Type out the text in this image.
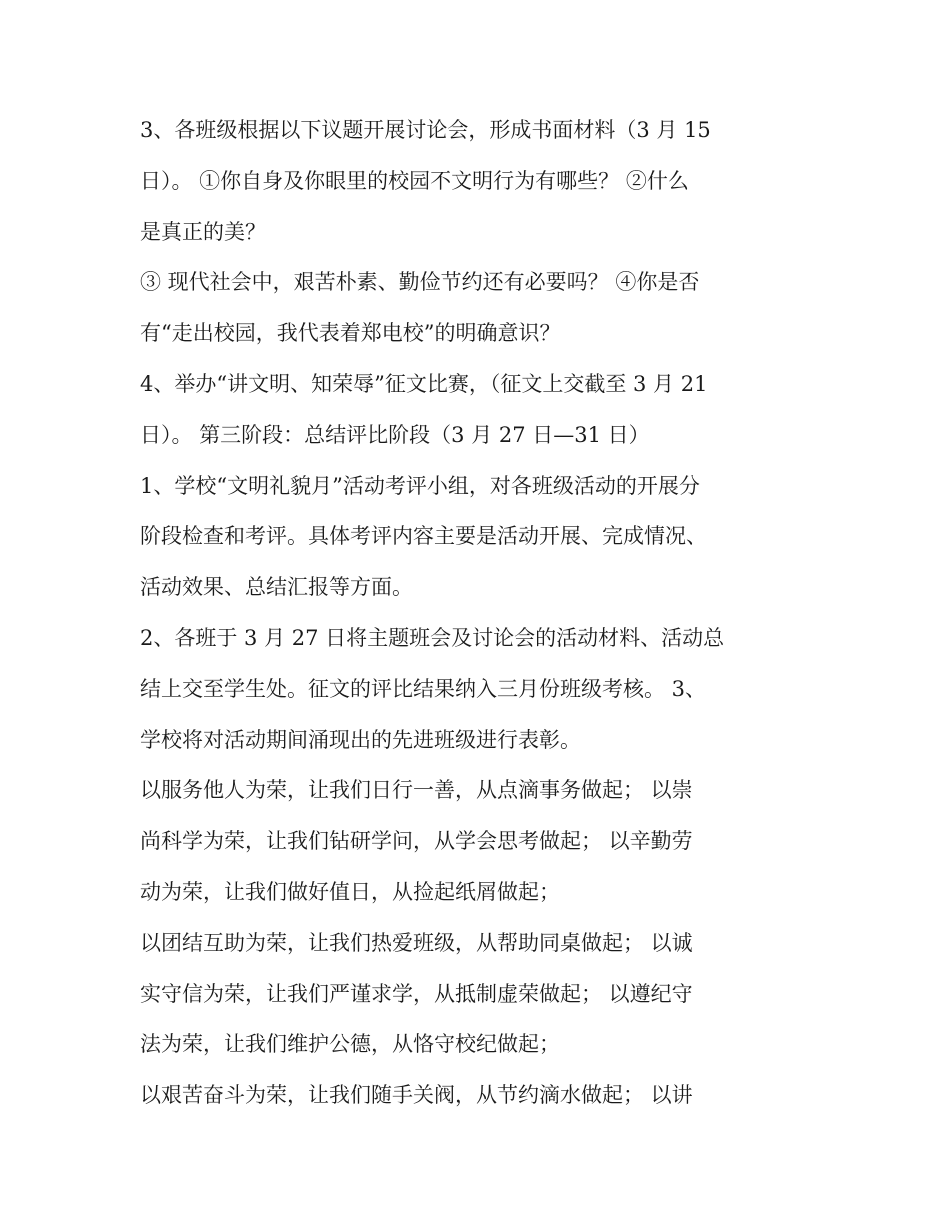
3、各班级根据以下议题开展讨论会，形成书面材料（3 月 15
日）。 ①你自身及你眼里的校园不文明行为有哪些？ ②什么
是真正的美？
③ 现代社会中，艰苦朴素、勤俭节约还有必要吗？ ④你是否
有“走出校园，我代表着郑电校”的明确意识？
4、举办“讲文明、知荣辱”征文比赛，（征文上交截至 3 月 21
日）。 第三阶段：总结评比阶段（3 月 27 日—31 日）
1、学校“文明礼貌月”活动考评小组，对各班级活动的开展分
阶段检查和考评。具体考评内容主要是活动开展、完成情况、
活动效果、总结汇报等方面。
2、各班于 3 月 27 日将主题班会及讨论会的活动材料、活动总
结上交至学生处。征文的评比结果纳入三月份班级考核。 3、
学校将对活动期间涌现出的先进班级进行表彰。
以服务他人为荣，让我们日行一善，从点滴事务做起； 以崇
尚科学为荣，让我们钻研学问，从学会思考做起； 以辛勤劳
动为荣，让我们做好值日，从捡起纸屑做起；
以团结互助为荣，让我们热爱班级，从帮助同桌做起； 以诚
实守信为荣，让我们严谨求学，从抵制虚荣做起； 以遵纪守
法为荣，让我们维护公德，从恪守校纪做起；
以艰苦奋斗为荣，让我们随手关阀，从节约滴水做起； 以讲
